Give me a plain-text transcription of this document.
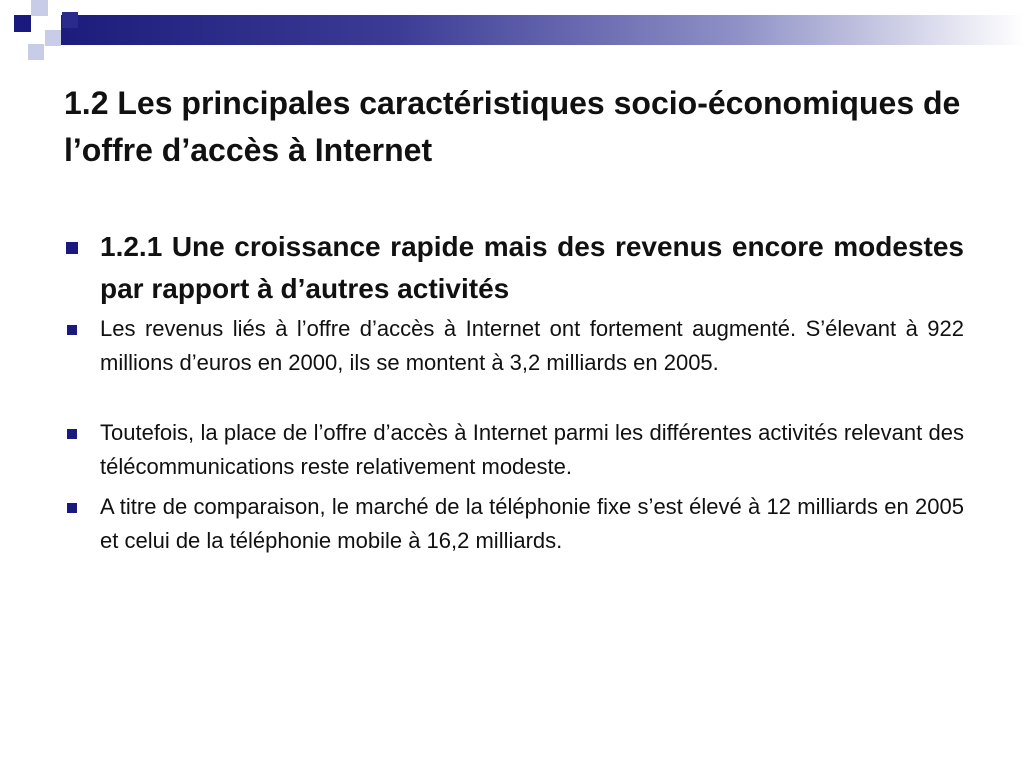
1.2 Les principales caractéristiques socio-économiques de l’offre d’accès à Internet
1.2.1 Une croissance rapide mais des revenus encore modestes par rapport à d’autres activités
Les revenus liés à l’offre d’accès à Internet ont fortement augmenté. S’élevant à 922 millions d’euros en 2000, ils se montent à 3,2 milliards en 2005.
Toutefois, la place de l’offre d’accès à Internet parmi les différentes activités relevant des télécommunications reste relativement modeste.
A titre de comparaison, le marché de la téléphonie fixe s’est élevé à 12 milliards en 2005 et celui de la téléphonie mobile à 16,2 milliards.
